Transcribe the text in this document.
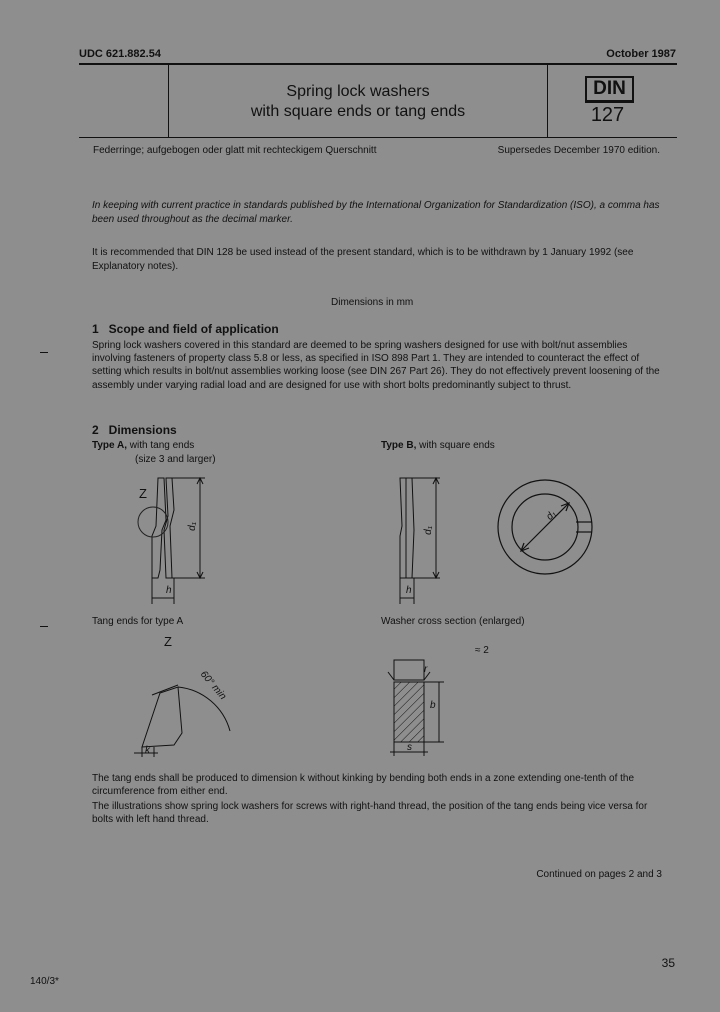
UDC 621.882.54	October 1987
Spring lock washers
with square ends or tang ends
DIN
127
Federringe; aufgebogen oder glatt mit rechteckigem Querschnitt	Supersedes December 1970 edition.
In keeping with current practice in standards published by the International Organization for Standardization (ISO), a comma has been used throughout as the decimal marker.
It is recommended that DIN 128 be used instead of the present standard, which is to be withdrawn by 1 January 1992 (see Explanatory notes).
Dimensions in mm
1   Scope and field of application
Spring lock washers covered in this standard are deemed to be spring washers designed for use with bolt/nut assemblies involving fasteners of property class 5.8 or less, as specified in ISO 898 Part 1. They are intended to counteract the effect of setting which results in bolt/nut assemblies working loose (see DIN 267 Part 26). They do not effectively prevent loosening of the assembly under varying radial load and are designed for use with short bolts predominantly subject to thrust.
2   Dimensions
Type A, with tang ends
(size 3 and larger)
Type B, with square ends
Z
d₁
h
d₁
h
d₁
Tang ends for type A
Z
60° min
k
Washer cross section (enlarged)
≈ 2
r
b
s
The tang ends shall be produced to dimension k without kinking by bending both ends in a zone extending one-tenth of the circumference from either end.
The illustrations show spring lock washers for screws with right-hand thread, the position of the tang ends being vice versa for bolts with left hand thread.
Continued on pages 2 and 3
35
140/3*
